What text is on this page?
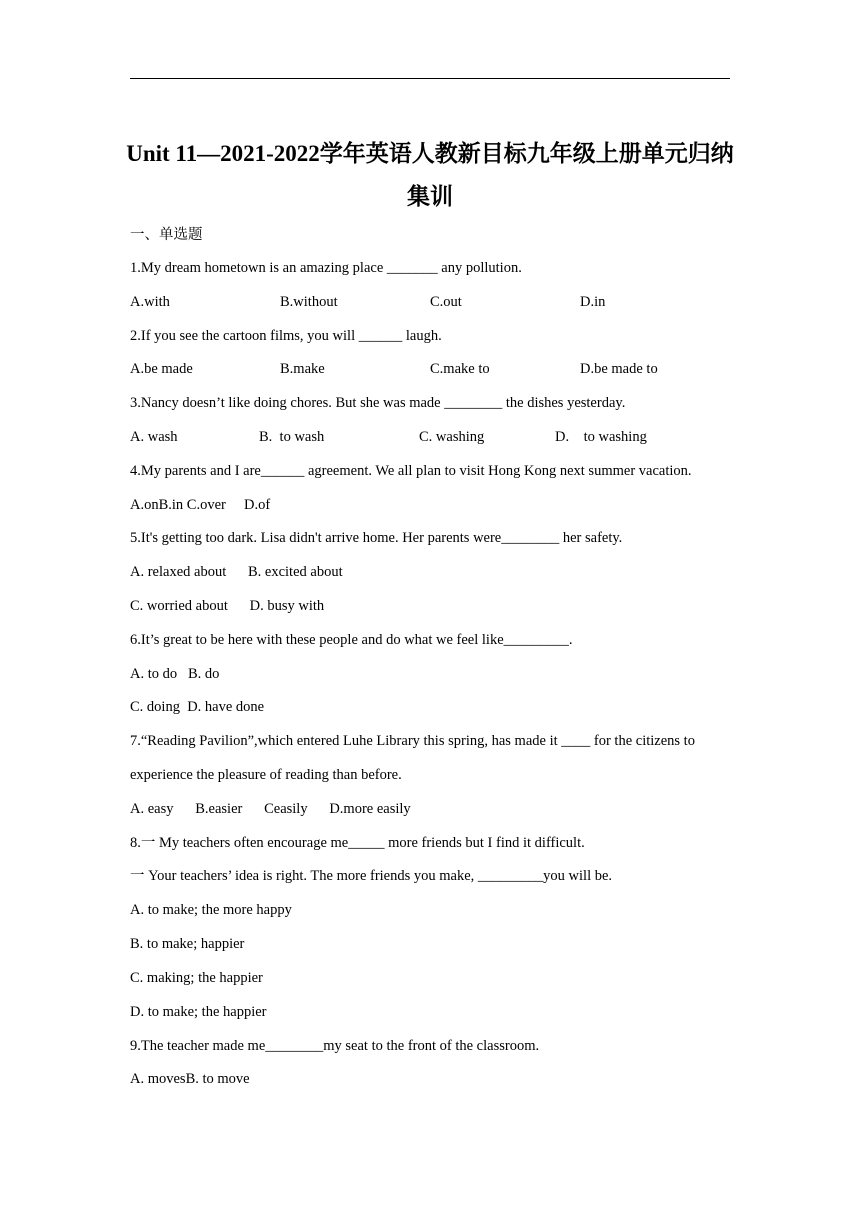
Unit 11—2021-2022学年英语人教新目标九年级上册单元归纳集训
一、单选题
1.My dream hometown is an amazing place _______ any pollution.
A.with	B.without	C.out	D.in
2.If you see the cartoon films, you will ______ laugh.
A.be made	B.make	C.make to	D.be made to
3.Nancy doesn’t like doing chores. But she was made ________ the dishes yesterday.
A. wash	B.  to wash	C. washing	D.    to washing
4.My parents and I are______ agreement. We all plan to visit Hong Kong next summer vacation.
A.onB.in C.over     D.of
5.It's getting too dark. Lisa didn't arrive home. Her parents were________ her safety.
A. relaxed about      B. excited about
C. worried about      D. busy with
6.It’s great to be here with these people and do what we feel like_________.
A. to do   B. do
C. doing  D. have done
7.“Reading Pavilion”,which entered Luhe Library this spring, has made it ____ for the citizens to
experience the pleasure of reading than before.
A. easy      B.easier      Ceasily      D.more easily
8.一 My teachers often encourage me_____ more friends but I find it difficult.
一 Your teachers’ idea is right. The more friends you make, _________you will be.
A. to make; the more happy
B. to make; happier
C. making; the happier
D. to make; the happier
9.The teacher made me________my seat to the front of the classroom.
A. movesB. to move
